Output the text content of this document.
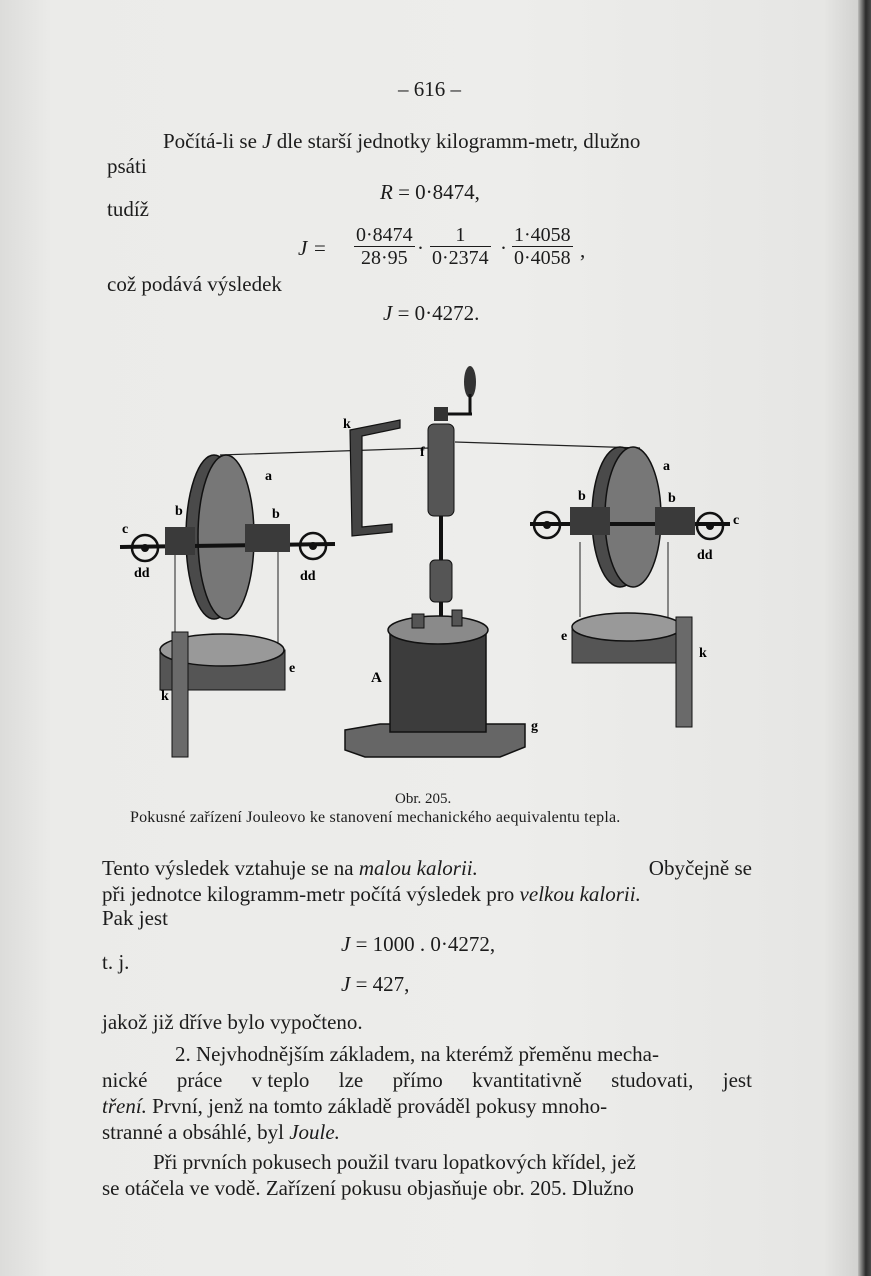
– 616 –
Počítá-li se J dle starší jednotky kilogramm-metr, dlužno
psáti
R = 0·8474,
tudíž
$J = \frac{0\cdot 8474}{28\cdot 95} \cdot \frac{1}{0\cdot 2374} \cdot \frac{1\cdot 4058}{0\cdot 4058}$ ,
což podává výsledek
J = 0·4272.
k
f
a
a
b	b
b	b
c
c
dd	dd
dd
e
e
k
k
A
g
Obr. 205.
Pokusné zařízení Jouleovo ke stanovení mechanického aequivalentu tepla.
Tento výsledek vztahuje se na malou kalorii.	Obyčejně se
při jednotce kilogramm-metr počítá výsledek pro velkou kalorii.
Pak jest
J = 1000 . 0·4272,
t. j.
J = 427,
jakož již dříve bylo vypočteno.
2. Nejvhodnějším základem, na kterémž přeměnu mecha-
nické práce v teplo lze přímo kvantitativně studovati, jest
tření. První, jenž na tomto základě prováděl pokusy mnoho-
stranné a obsáhlé, byl Joule.
Při prvních pokusech použil tvaru lopatkových křídel, jež
se otáčela ve vodě. Zařízení pokusu objasňuje obr. 205. Dlužno
